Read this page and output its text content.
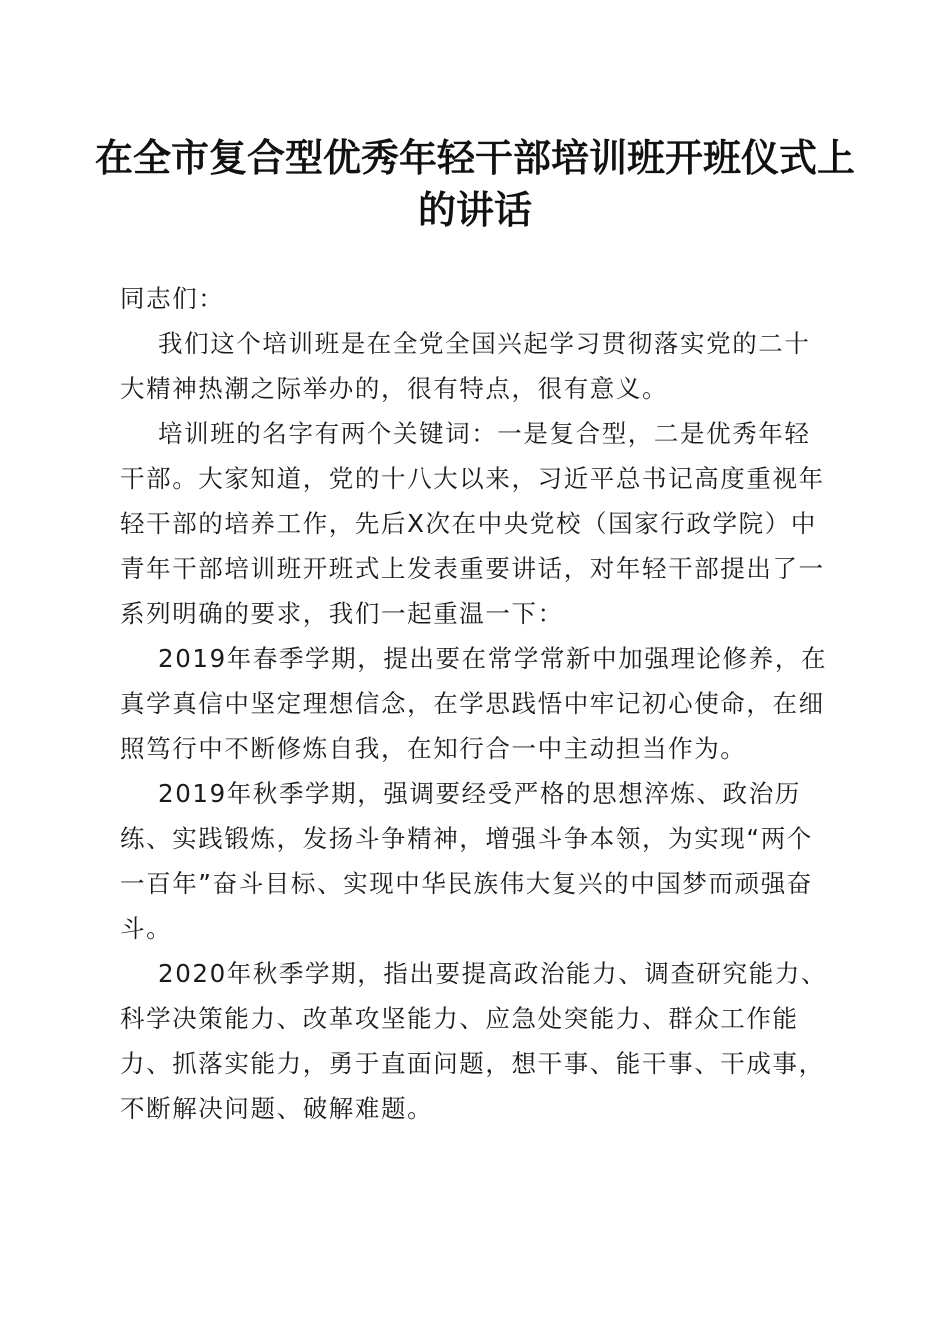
在全市复合型优秀年轻干部培训班开班仪式上
的讲话

同志们：

我们这个培训班是在全党全国兴起学习贯彻落实党的二十大精神热潮之际举办的，很有特点，很有意义。

培训班的名字有两个关键词：一是复合型，二是优秀年轻干部。大家知道，党的十八大以来，习近平总书记高度重视年轻干部的培养工作，先后X次在中央党校（国家行政学院）中青年干部培训班开班式上发表重要讲话，对年轻干部提出了一系列明确的要求，我们一起重温一下：

2019年春季学期，提出要在常学常新中加强理论修养，在真学真信中坚定理想信念，在学思践悟中牢记初心使命，在细照笃行中不断修炼自我，在知行合一中主动担当作为。

2019年秋季学期，强调要经受严格的思想淬炼、政治历练、实践锻炼，发扬斗争精神，增强斗争本领，为实现“两个一百年”奋斗目标、实现中华民族伟大复兴的中国梦而顽强奋斗。

2020年秋季学期，指出要提高政治能力、调查研究能力、科学决策能力、改革攻坚能力、应急处突能力、群众工作能力、抓落实能力，勇于直面问题，想干事、能干事、干成事，不断解决问题、破解难题。
